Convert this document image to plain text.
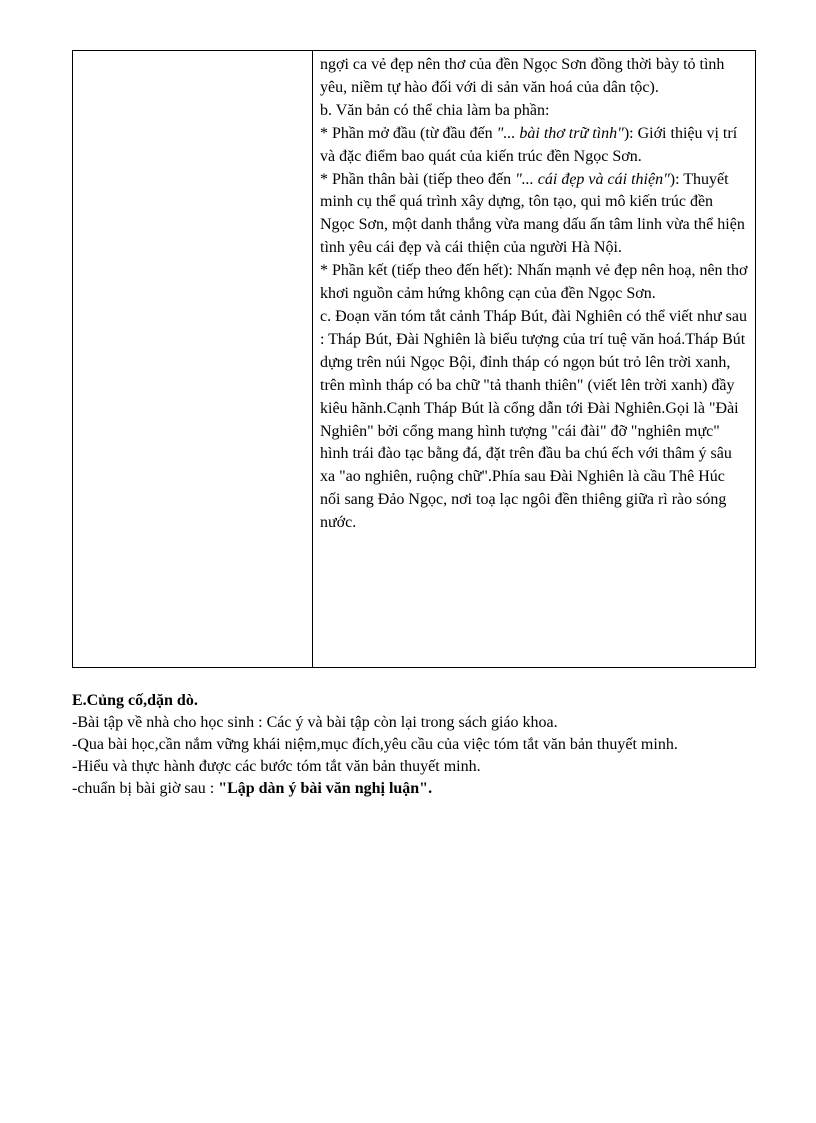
ngợi ca vẻ đẹp nên thơ của đền Ngọc Sơn đồng thời bày tỏ tình yêu, niềm tự hào đối với di sản văn hoá của dân tộc).

b. Văn bản có thể chia làm ba phần:

* Phần mở đầu (từ đầu đến "... bài thơ trữ tình"): Giới thiệu vị trí và đặc điểm bao quát của kiến trúc đền Ngọc Sơn.

* Phần thân bài (tiếp theo đến "... cái đẹp và cái thiện"): Thuyết minh cụ thể quá trình xây dựng, tôn tạo, qui mô kiến trúc đền Ngọc Sơn, một danh thắng vừa mang dấu ấn tâm linh vừa thể hiện tình yêu cái đẹp và cái thiện của người Hà Nội.

* Phần kết (tiếp theo đến hết): Nhấn mạnh vẻ đẹp nên hoạ, nên thơ khơi nguồn cảm hứng không cạn của đền Ngọc Sơn.

c. Đoạn văn tóm tắt cảnh Tháp Bút, đài Nghiên có thể viết như sau : Tháp Bút, Đài Nghiên là biểu tượng của trí tuệ văn hoá.Tháp Bút dựng trên núi Ngọc Bội, đỉnh tháp có ngọn bút trỏ lên trời xanh, trên mình tháp có ba chữ "tả thanh thiên" (viết lên trời xanh) đầy kiêu hãnh.Cạnh Tháp Bút là cổng dẫn tới Đài Nghiên.Gọi là "Đài Nghiên" bởi cổng mang hình tượng "cái đài" đỡ "nghiên mực" hình trái đào tạc bằng đá, đặt trên đầu ba chú ếch với thâm ý sâu xa "ao nghiên, ruộng chữ".Phía sau Đài Nghiên là cầu Thê Húc nối sang Đảo Ngọc, nơi toạ lạc ngôi đền thiêng giữa rì rào sóng nước.

E.Củng cố,dặn dò.

-Bài tập về nhà cho học sinh : Các ý và bài tập còn lại trong sách giáo khoa.

-Qua bài học,cần nắm vững khái niệm,mục đích,yêu cầu của việc tóm tắt văn bản thuyết minh.

-Hiểu và thực hành được các bước tóm tắt văn bản thuyết minh.

-chuẩn bị bài giờ sau : "Lập dàn ý bài văn nghị luận".
